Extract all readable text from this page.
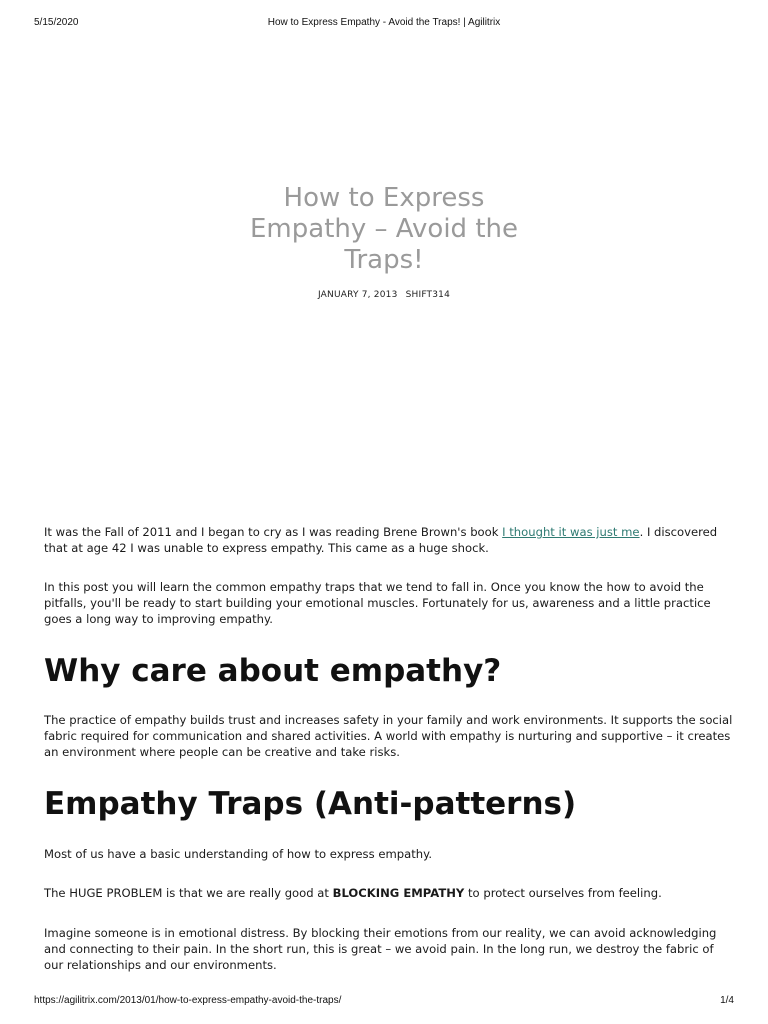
5/15/2020	How to Express Empathy - Avoid the Traps! | Agilitrix
How to Express Empathy – Avoid the Traps!
JANUARY 7, 2013 SHIFT314

It was the Fall of 2011 and I began to cry as I was reading Brene Brown's book I thought it was just me. I discovered that at age 42 I was unable to express empathy. This came as a huge shock.

In this post you will learn the common empathy traps that we tend to fall in. Once you know the how to avoid the pitfalls, you'll be ready to start building your emotional muscles. Fortunately for us, awareness and a little practice goes a long way to improving empathy.

Why care about empathy?

The practice of empathy builds trust and increases safety in your family and work environments. It supports the social fabric required for communication and shared activities. A world with empathy is nurturing and supportive – it creates an environment where people can be creative and take risks.

Empathy Traps (Anti-patterns)

Most of us have a basic understanding of how to express empathy.

The HUGE PROBLEM is that we are really good at BLOCKING EMPATHY to protect ourselves from feeling.

Imagine someone is in emotional distress. By blocking their emotions from our reality, we can avoid acknowledging and connecting to their pain. In the short run, this is great – we avoid pain. In the long run, we destroy the fabric of our relationships and our environments.

https://agilitrix.com/2013/01/how-to-express-empathy-avoid-the-traps/	1/4
